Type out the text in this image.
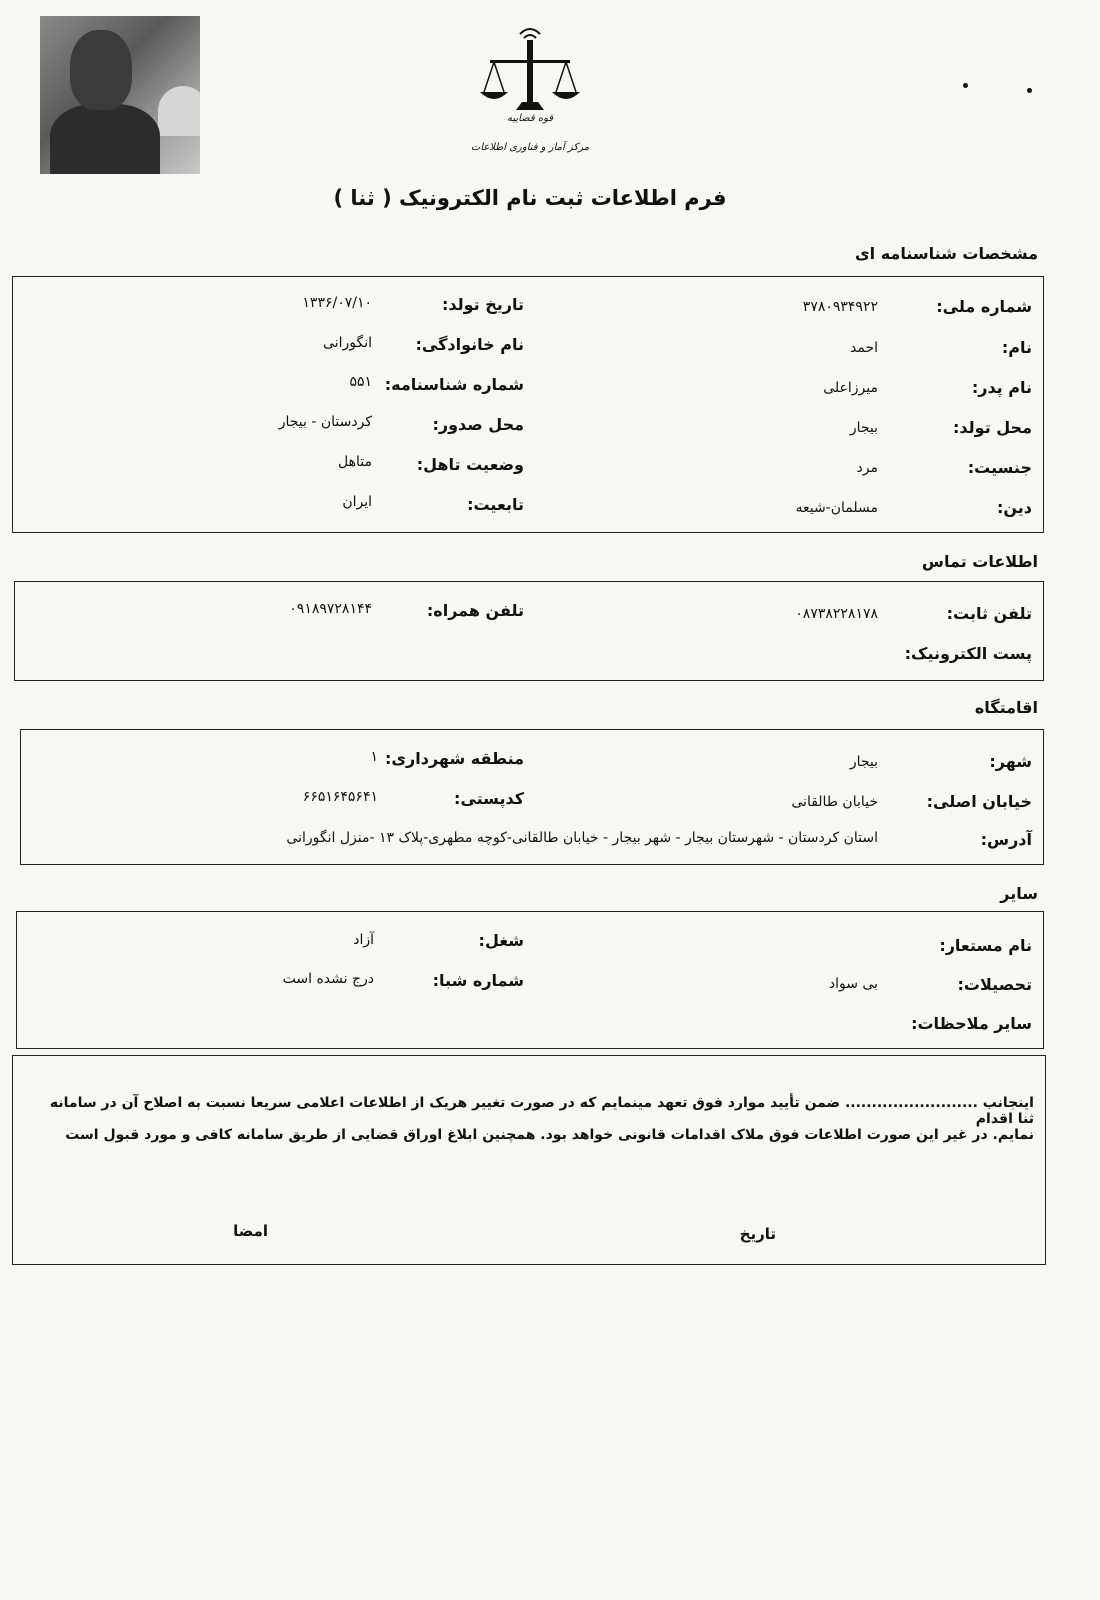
قوه قضاییه
مرکز آمار و فناوری اطلاعات
فرم اطلاعات ثبت نام الکترونیک ( ثنا )
مشخصات شناسنامه ای
شماره ملی:
۳۷۸۰۹۳۴۹۲۲
تاریخ تولد:
۱۳۳۶/۰۷/۱۰
نام:
احمد
نام خانوادگی:
انگورانی
نام پدر:
میرزاعلی
شماره شناسنامه:
۵۵۱
محل تولد:
بیجار
محل صدور:
کردستان - بیجار
جنسیت:
مرد
وضعیت تاهل:
متاهل
دین:
مسلمان-شیعه
تابعیت:
ایران
اطلاعات تماس
تلفن ثابت:
۰۸۷۳۸۲۲۸۱۷۸
تلفن همراه:
۰۹۱۸۹۷۲۸۱۴۴
پست الکترونیک:
اقامتگاه
شهر:
بیجار
منطقه شهرداری:
۱
خیابان اصلی:
خیابان طالقانی
کدپستی:
۶۶۵۱۶۴۵۶۴۱
آدرس:
استان کردستان - شهرستان بیجار - شهر بیجار - خیابان طالقانی-کوچه مطهری-پلاک ۱۳ -منزل انگورانی
سایر
نام مستعار:
شغل:
آزاد
تحصیلات:
بی سواد
شماره شبا:
درج نشده است
سایر ملاحظات:
اینجانب ......................... ضمن تأیید موارد فوق تعهد مینمایم که در صورت تغییر هریک از اطلاعات اعلامی سریعا نسبت به اصلاح آن در سامانه ثنا اقدام
نمایم. در غیر این صورت اطلاعات فوق ملاک اقدامات قانونی خواهد بود. همچنین ابلاغ اوراق قضایی از طریق سامانه کافی و مورد قبول است
تاریخ
امضا
